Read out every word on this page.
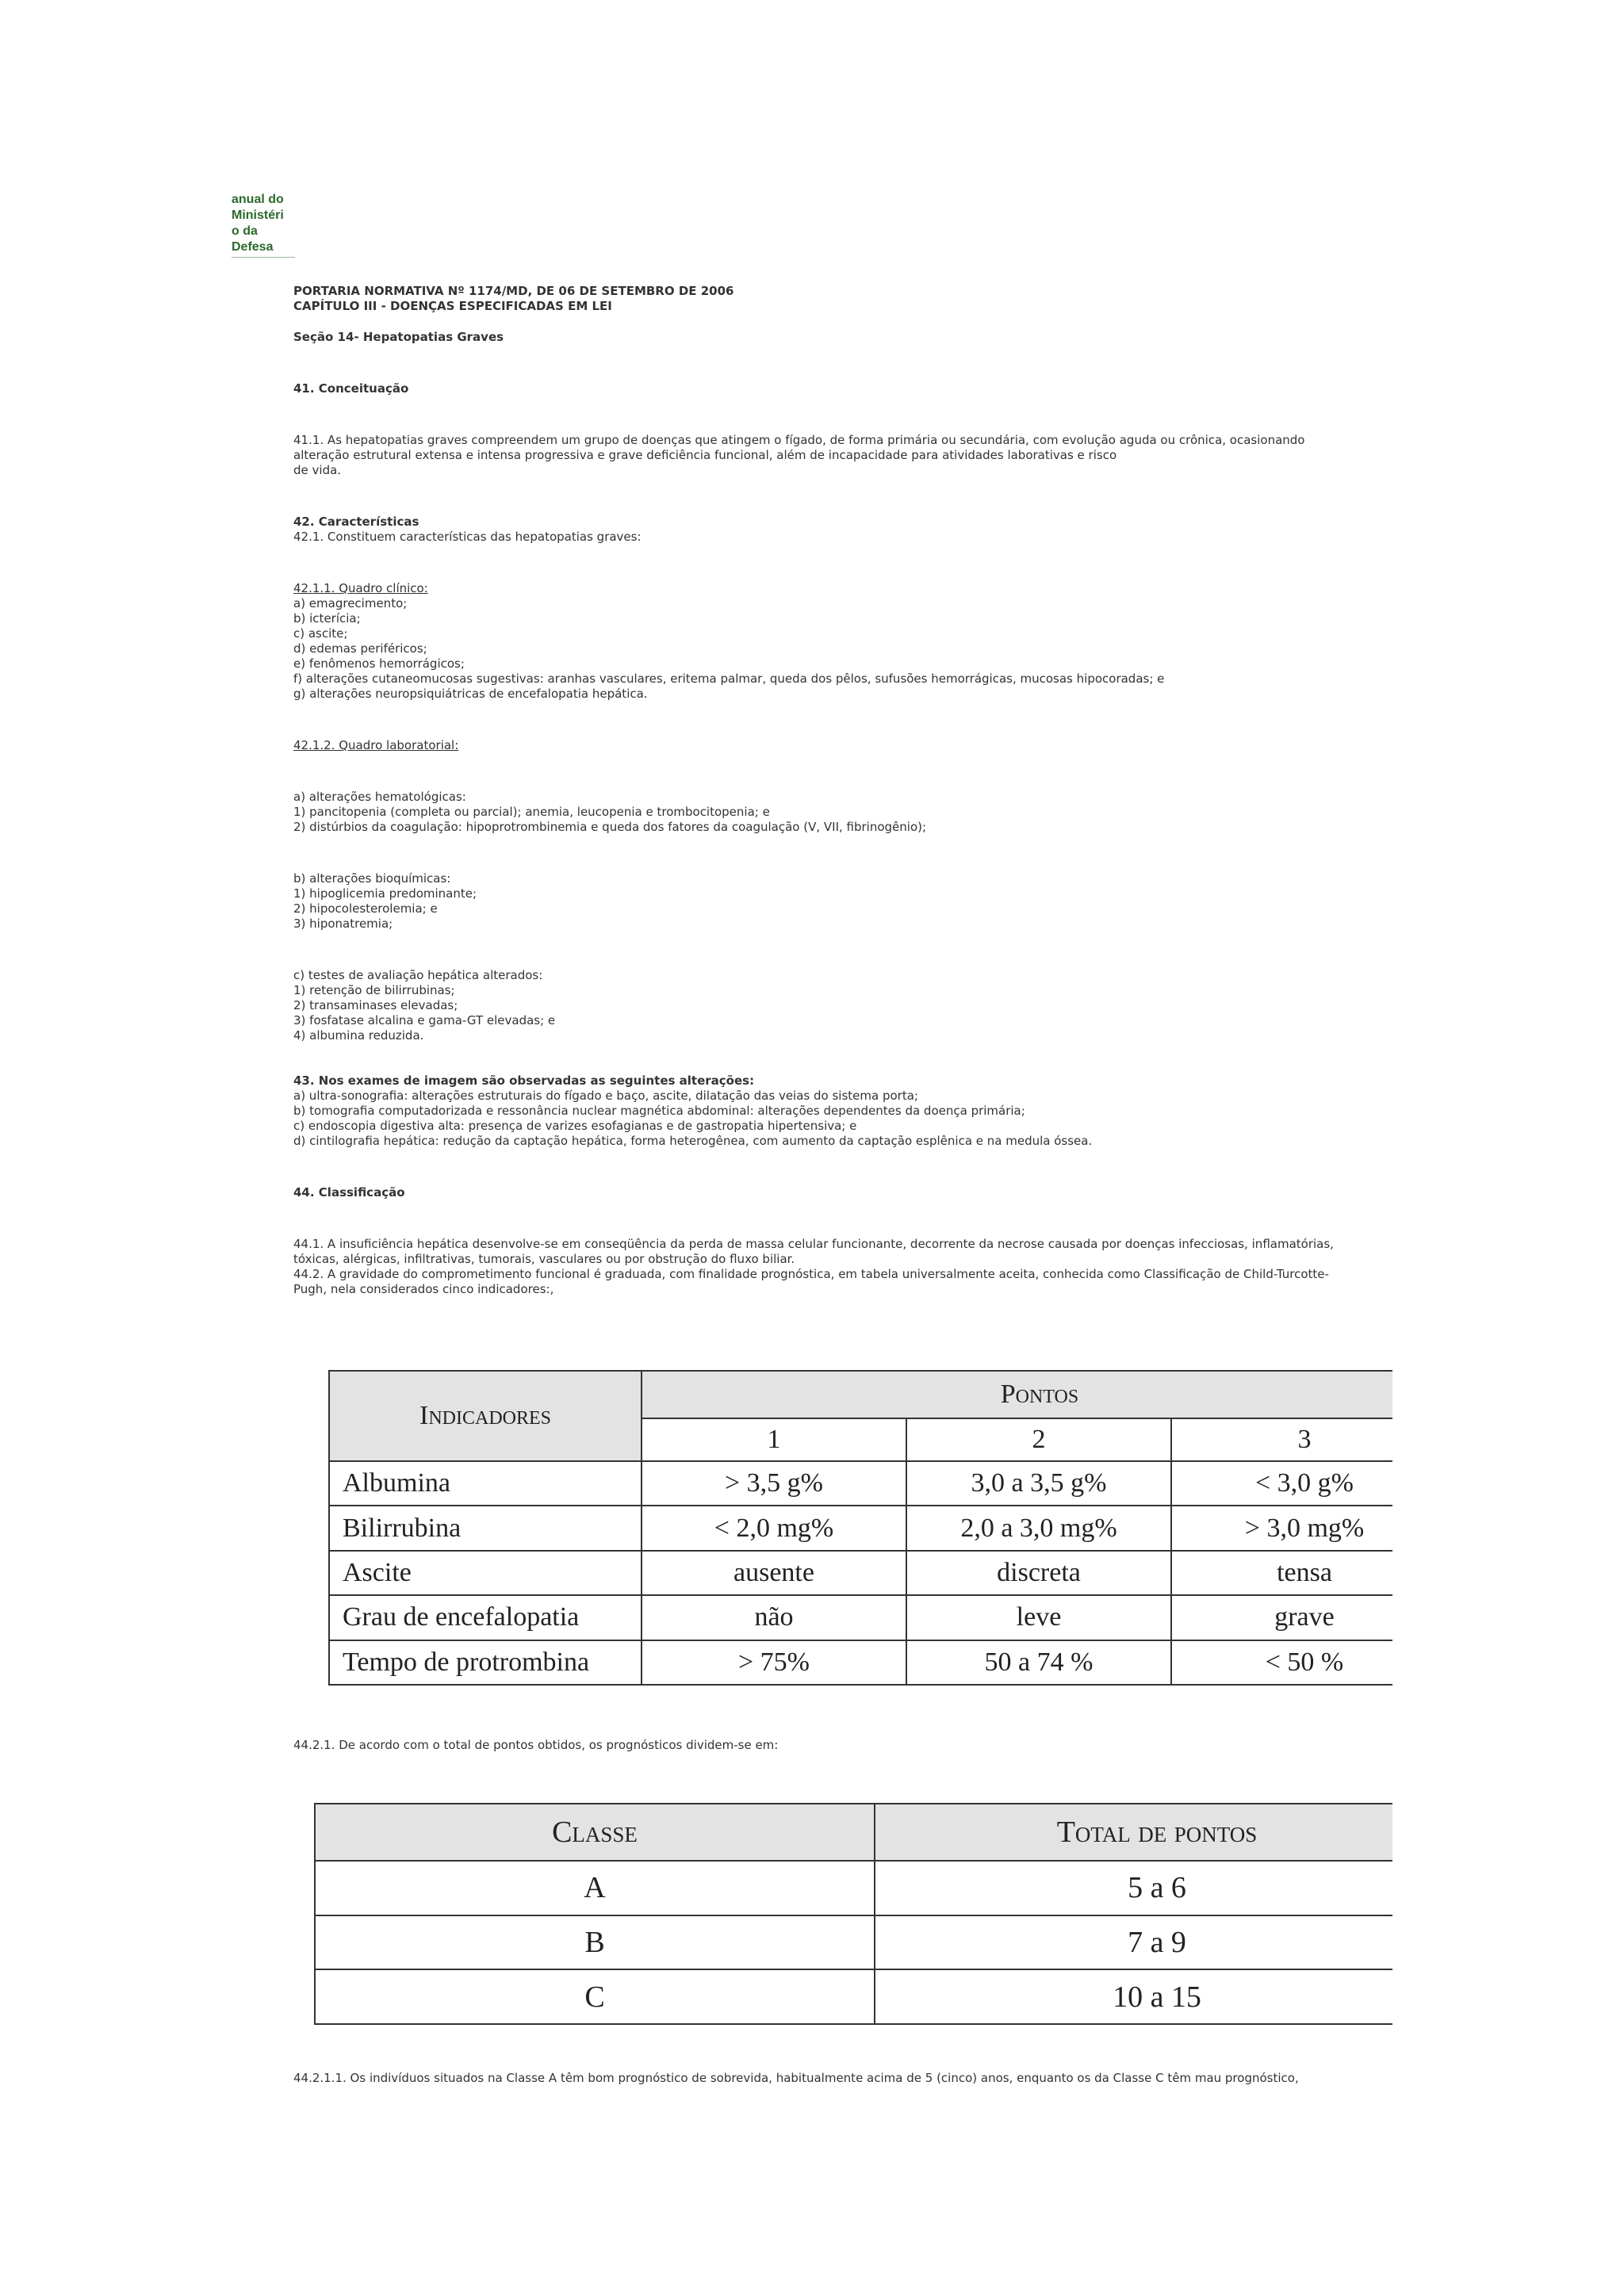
anual do
Ministéri
o da
Defesa

PORTARIA NORMATIVA Nº 1174/MD, DE 06 DE SETEMBRO DE 2006

CAPÍTULO III - DOENÇAS ESPECIFICADAS EM LEI

Seção 14- Hepatopatias Graves

41. Conceituação

41.1. As hepatopatias graves compreendem um grupo de doenças que atingem o fígado, de forma primária ou secundária, com evolução aguda ou crônica, ocasionando
alteração estrutural extensa e intensa progressiva e grave deficiência funcional, além de incapacidade para atividades laborativas e risco
de vida.

42. Características

42.1. Constituem características das hepatopatias graves:

42.1.1. Quadro clínico:

a) emagrecimento;
b) icterícia;
c) ascite;
d) edemas periféricos;
e) fenômenos hemorrágicos;
f) alterações cutaneomucosas sugestivas: aranhas vasculares, eritema palmar, queda dos pêlos, sufusões hemorrágicas, mucosas hipocoradas; e
g) alterações neuropsiquiátricas de encefalopatia hepática.

42.1.2. Quadro laboratorial:

a) alterações hematológicas:
1) pancitopenia (completa ou parcial); anemia, leucopenia e trombocitopenia; e
2) distúrbios da coagulação: hipoprotrombinemia e queda dos fatores da coagulação (V, VII, fibrinogênio);
b) alterações bioquímicas:
1) hipoglicemia predominante;
2) hipocolesterolemia; e
3) hiponatremia;
c) testes de avaliação hepática alterados:
1) retenção de bilirrubinas;
2) transaminases elevadas;
3) fosfatase alcalina e gama-GT elevadas; e
4) albumina reduzida.

43. Nos exames de imagem são observadas as seguintes alterações:

a) ultra-sonografia: alterações estruturais do fígado e baço, ascite, dilatação das veias do sistema porta;
b) tomografia computadorizada e ressonância nuclear magnética abdominal: alterações dependentes da doença primária;
c) endoscopia digestiva alta: presença de varizes esofagianas e de gastropatia hipertensiva; e
d) cintilografia hepática: redução da captação hepática, forma heterogênea, com aumento da captação esplênica e na medula óssea.

44. Classificação

44.1. A insuficiência hepática desenvolve-se em conseqüência da perda de massa celular funcionante, decorrente da necrose causada por doenças infecciosas, inflamatórias,
tóxicas, alérgicas, infiltrativas, tumorais, vasculares ou por obstrução do fluxo biliar.

44.2. A gravidade do comprometimento funcional é graduada, com finalidade prognóstica, em tabela universalmente aceita, conhecida como Classificação de Child-Turcotte-
Pugh, nela considerados cinco indicadores:,

Indicadores	Pontos		
	1	2	3
Albumina	> 3,5 g%	3,0 a 3,5 g%	< 3,0 g%
Bilirrubina	< 2,0 mg%	2,0 a 3,0 mg%	> 3,0 mg%
Ascite	ausente	discreta	tensa
Grau de encefalopatia	não	leve	grave
Tempo de protrombina	> 75%	50 a 74 %	< 50 %

44.2.1. De acordo com o total de pontos obtidos, os prognósticos dividem-se em:

Classe	Total de pontos
A	5 a 6
B	7 a 9
C	10 a 15

44.2.1.1. Os indivíduos situados na Classe A têm bom prognóstico de sobrevida, habitualmente acima de 5 (cinco) anos, enquanto os da Classe C têm mau prognóstico,
